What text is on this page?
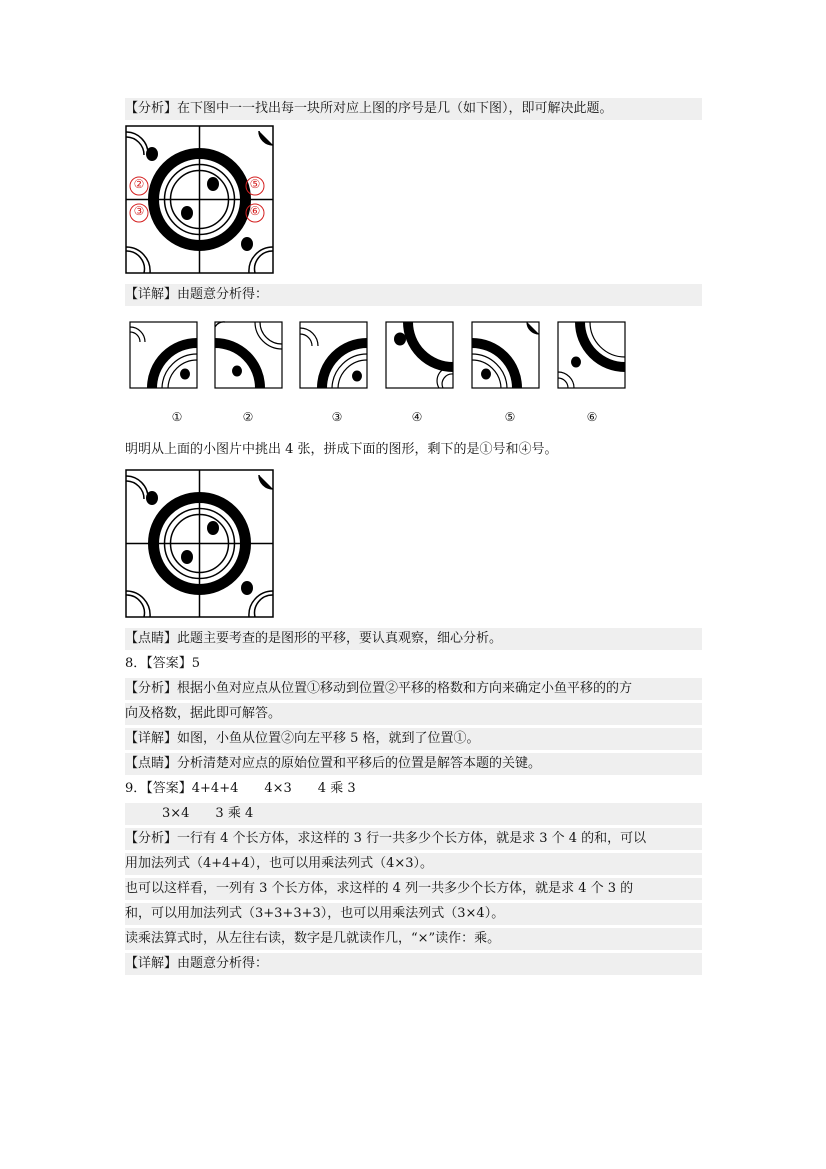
【分析】在下图中一一找出每一块所对应上图的序号是几（如下图），即可解决此题。
②
③
⑤
⑥
【详解】由题意分析得：
①	②	③	④	⑤	⑥
明明从上面的小图片中挑出 4 张，拼成下面的图形，剩下的是①号和④号。
【点睛】此题主要考查的是图形的平移，要认真观察，细心分析。
8．【答案】5
【分析】根据小鱼对应点从位置①移动到位置②平移的格数和方向来确定小鱼平移的的方
向及格数，据此即可解答。
【详解】如图，小鱼从位置②向左平移 5 格，就到了位置①。
【点睛】分析清楚对应点的原始位置和平移后的位置是解答本题的关键。
9．【答案】4+4+4　　4×3　　4 乘 3
3×4　　3 乘 4
【分析】一行有 4 个长方体，求这样的 3 行一共多少个长方体，就是求 3 个 4 的和，可以
用加法列式（4+4+4），也可以用乘法列式（4×3）。
也可以这样看，一列有 3 个长方体，求这样的 4 列一共多少个长方体，就是求 4 个 3 的
和，可以用加法列式（3+3+3+3），也可以用乘法列式（3×4）。
读乘法算式时，从左往右读，数字是几就读作几，“×”读作：乘。
【详解】由题意分析得：
